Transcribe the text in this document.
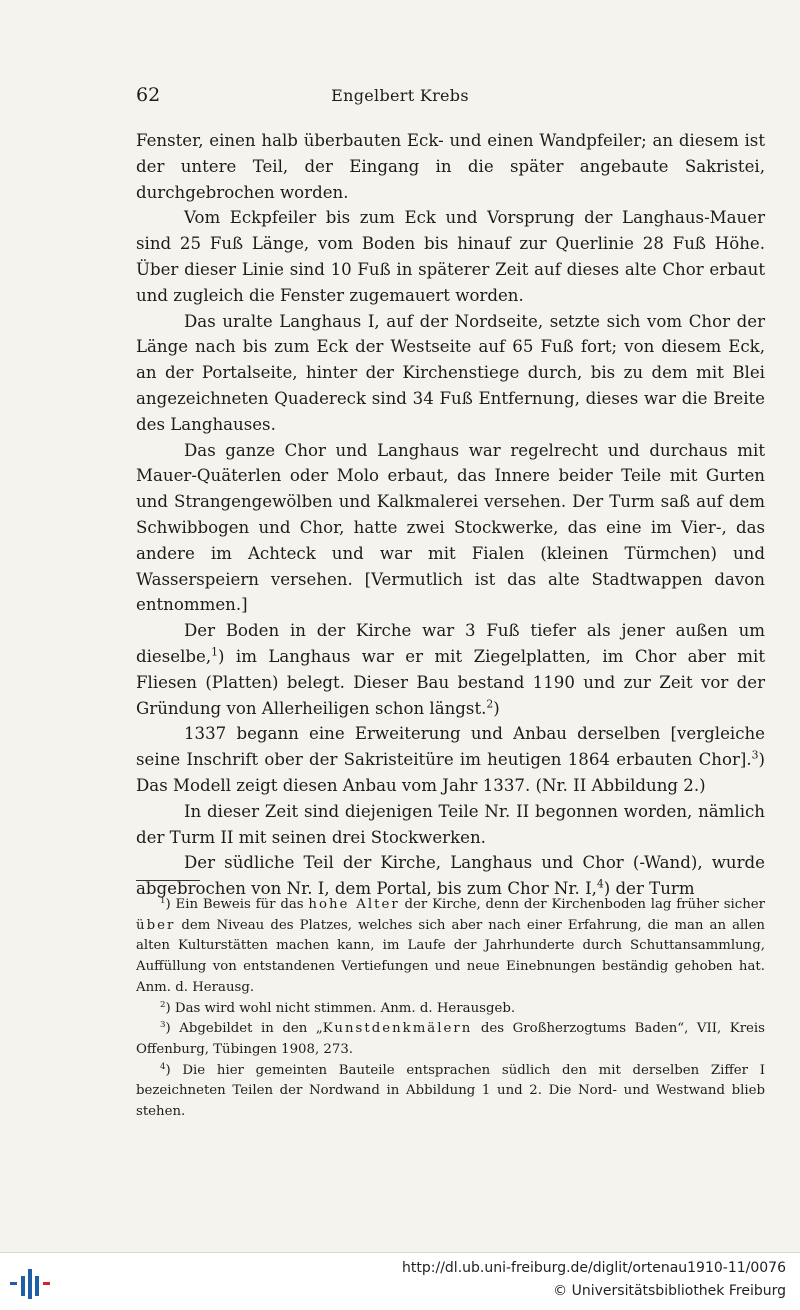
62	Engelbert Krebs

Fenster, einen halb überbauten Eck- und einen Wandpfeiler; an diesem ist der untere Teil, der Eingang in die später angebaute Sakristei, durchgebrochen worden.

Vom Eckpfeiler bis zum Eck und Vorsprung der Langhaus-Mauer sind 25 Fuß Länge, vom Boden bis hinauf zur Querlinie 28 Fuß Höhe. Über dieser Linie sind 10 Fuß in späterer Zeit auf dieses alte Chor erbaut und zugleich die Fenster zugemauert worden.

Das uralte Langhaus I, auf der Nordseite, setzte sich vom Chor der Länge nach bis zum Eck der Westseite auf 65 Fuß fort; von diesem Eck, an der Portalseite, hinter der Kirchenstiege durch, bis zu dem mit Blei angezeichneten Quadereck sind 34 Fuß Entfernung, dieses war die Breite des Langhauses.

Das ganze Chor und Langhaus war regelrecht und durchaus mit Mauer-Quäterlen oder Molo erbaut, das Innere beider Teile mit Gurten und Strangengewölben und Kalkmalerei versehen. Der Turm saß auf dem Schwibbogen und Chor, hatte zwei Stockwerke, das eine im Vier-, das andere im Achteck und war mit Fialen (kleinen Türmchen) und Wasserspeiern versehen. [Vermutlich ist das alte Stadtwappen davon entnommen.]

Der Boden in der Kirche war 3 Fuß tiefer als jener außen um dieselbe,$^1$) im Langhaus war er mit Ziegelplatten, im Chor aber mit Fliesen (Platten) belegt. Dieser Bau bestand 1190 und zur Zeit vor der Gründung von Allerheiligen schon längst.$^2$)

1337 begann eine Erweiterung und Anbau derselben [vergleiche seine Inschrift ober der Sakristeitüre im heutigen 1864 erbauten Chor].$^3$) Das Modell zeigt diesen Anbau vom Jahr 1337. (Nr. II Abbildung 2.)

In dieser Zeit sind diejenigen Teile Nr. II begonnen worden, nämlich der Turm II mit seinen drei Stockwerken.

Der südliche Teil der Kirche, Langhaus und Chor (-Wand), wurde abgebrochen von Nr. I, dem Portal, bis zum Chor Nr. I,$^4$) der Turm

$^1$) Ein Beweis für das hohe Alter der Kirche, denn der Kirchenboden lag früher sicher über dem Niveau des Platzes, welches sich aber nach einer Erfahrung, die man an allen alten Kulturstätten machen kann, im Laufe der Jahrhunderte durch Schuttansammlung, Auffüllung von entstandenen Vertiefungen und neue Einebnungen beständig gehoben hat. Anm. d. Herausg.

$^2$) Das wird wohl nicht stimmen. Anm. d. Herausgeb.

$^3$) Abgebildet in den „Kunstdenkmälern des Großherzogtums Baden“, VII, Kreis Offenburg, Tübingen 1908, 273.

$^4$) Die hier gemeinten Bauteile entsprachen südlich den mit derselben Ziffer I bezeichneten Teilen der Nordwand in Abbildung 1 und 2. Die Nord- und Westwand blieb stehen.

http://dl.ub.uni-freiburg.de/diglit/ortenau1910-11/0076
© Universitätsbibliothek Freiburg
